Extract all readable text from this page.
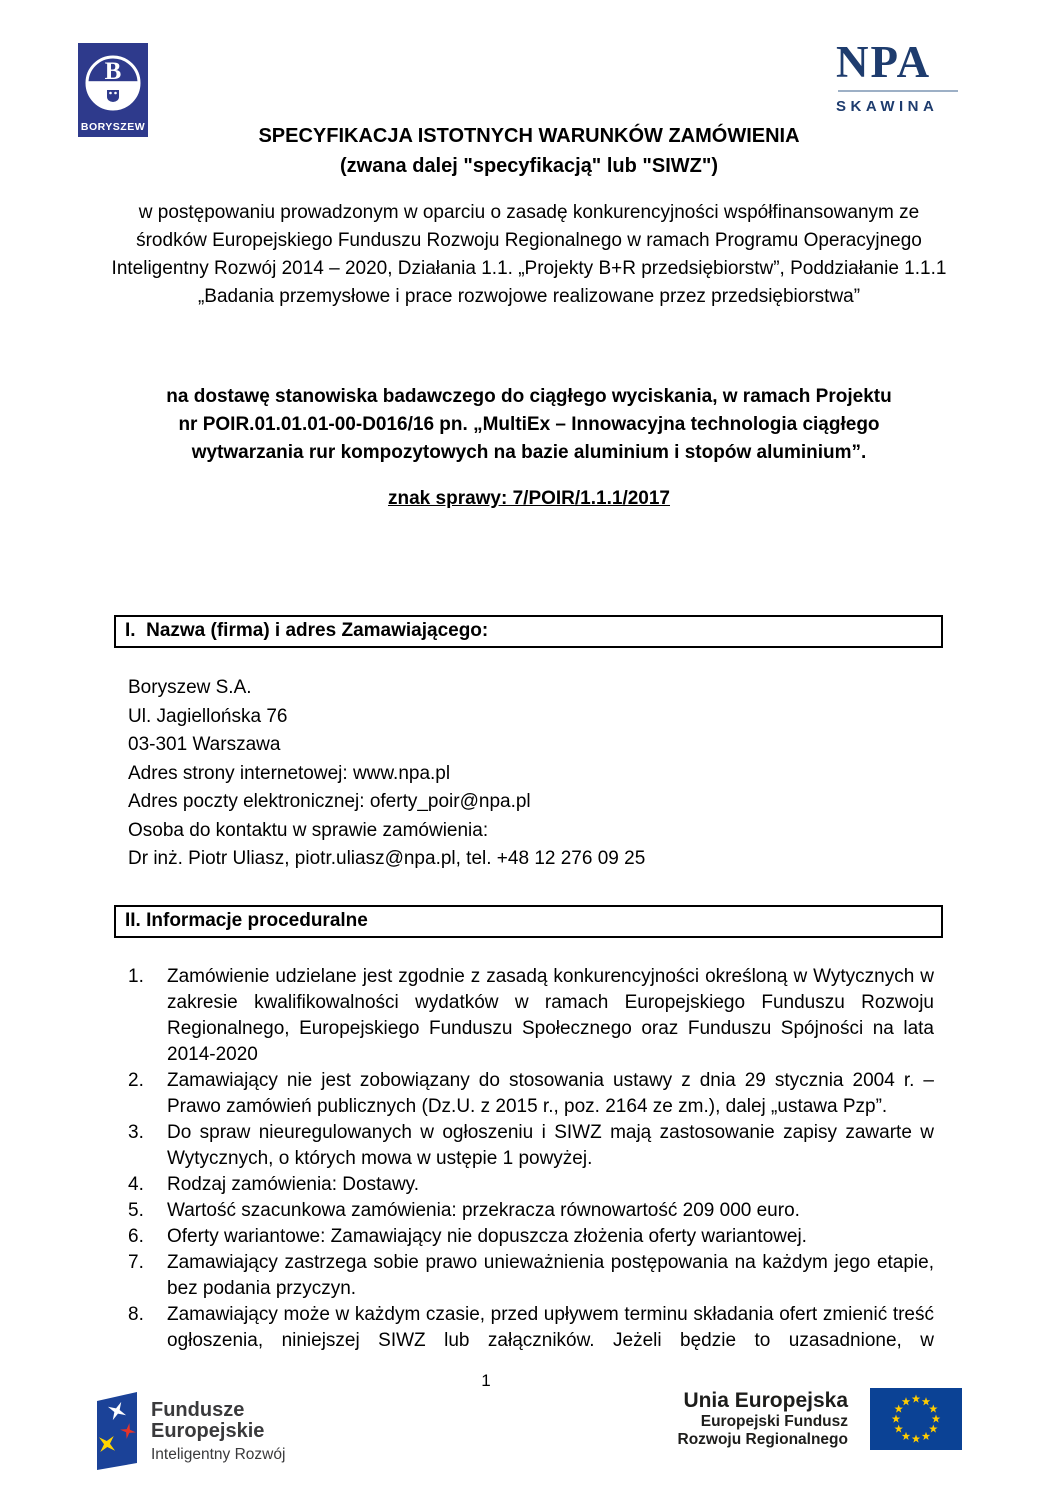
B
BORYSZEW
NPA
SKAWINA
SPECYFIKACJA ISTOTNYCH WARUNKÓW ZAMÓWIENIA
(zwana dalej "specyfikacją" lub "SIWZ")
w postępowaniu prowadzonym w oparciu o zasadę konkurencyjności współfinansowanym ze środków Europejskiego Funduszu Rozwoju Regionalnego w ramach Programu Operacyjnego Inteligentny Rozwój 2014 – 2020, Działania 1.1. „Projekty B+R przedsiębiorstw”, Poddziałanie 1.1.1 „Badania przemysłowe i prace rozwojowe realizowane przez przedsiębiorstwa”
na dostawę stanowiska badawczego do ciągłego wyciskania, w ramach Projektu nr POIR.01.01.01-00-D016/16 pn. „MultiEx – Innowacyjna technologia ciągłego wytwarzania rur kompozytowych na bazie aluminium i stopów aluminium”.
znak sprawy: 7/POIR/1.1.1/2017
I.  Nazwa (firma) i adres Zamawiającego:
Boryszew S.A.
Ul. Jagiellońska 76
03-301 Warszawa
Adres strony internetowej: www.npa.pl
Adres poczty elektronicznej: oferty_poir@npa.pl
Osoba do kontaktu w sprawie zamówienia:
Dr inż. Piotr Uliasz, piotr.uliasz@npa.pl, tel. +48 12 276 09 25
II. Informacje proceduralne
1.	Zamówienie udzielane jest zgodnie z zasadą konkurencyjności określoną w Wytycznych w zakresie kwalifikowalności wydatków w ramach Europejskiego Funduszu Rozwoju Regionalnego, Europejskiego Funduszu Społecznego oraz Funduszu Spójności na lata 2014-2020
2.	Zamawiający nie jest zobowiązany do stosowania ustawy z dnia 29 stycznia 2004 r. – Prawo zamówień publicznych (Dz.U. z 2015 r., poz. 2164 ze zm.), dalej „ustawa Pzp”.
3.	Do spraw nieuregulowanych w ogłoszeniu i SIWZ mają zastosowanie zapisy zawarte w Wytycznych, o których mowa w ustępie 1 powyżej.
4.	Rodzaj zamówienia: Dostawy.
5.	Wartość szacunkowa zamówienia: przekracza równowartość 209 000 euro.
6.	Oferty wariantowe: Zamawiający nie dopuszcza złożenia oferty wariantowej.
7.	Zamawiający zastrzega sobie prawo unieważnienia postępowania na każdym jego etapie, bez podania przyczyn.
8.	Zamawiający może w każdym czasie, przed upływem terminu składania ofert zmienić treść ogłoszenia, niniejszej SIWZ lub załączników. Jeżeli będzie to uzasadnione, w
1
Fundusze
Europejskie
Inteligentny Rozwój
Unia Europejska
Europejski Fundusz
Rozwoju Regionalnego
